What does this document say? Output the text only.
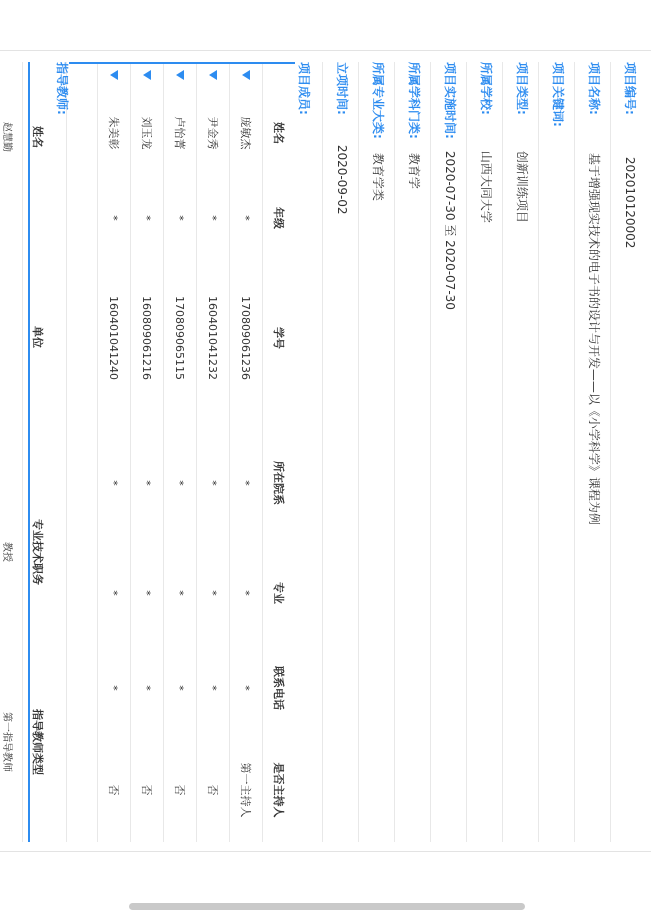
项目编号:
202010120002
项目名称:
基于增强现实技术的电子书的设计与开发——以《小学科学》课程为例
项目关键词:
项目类型:
创新训练项目
所属学校:
山西大同大学
项目实施时间:
2020-07-30 至 2020-07-30
所属学科门类:
教育学
所属专业大类:
教育学类
立项时间:
2020-09-02
项目成员:
	姓名	年级	学号	所在院系	专业	联系电话	是否主持人
	庞敏杰	*	170809061236	*	*	*	第一主持人
	尹金秀	*	160401041232	*	*	*	否
	卢怡菁	*	170809065115	*	*	*	否
	刘玉龙	*	160809061216	*	*	*	否
	朱美彰	*	160401041240	*	*	*	否

指导教师:
姓名	单位	专业技术职务	指导教师类型
赵慧勤		教授	第一指导教师
